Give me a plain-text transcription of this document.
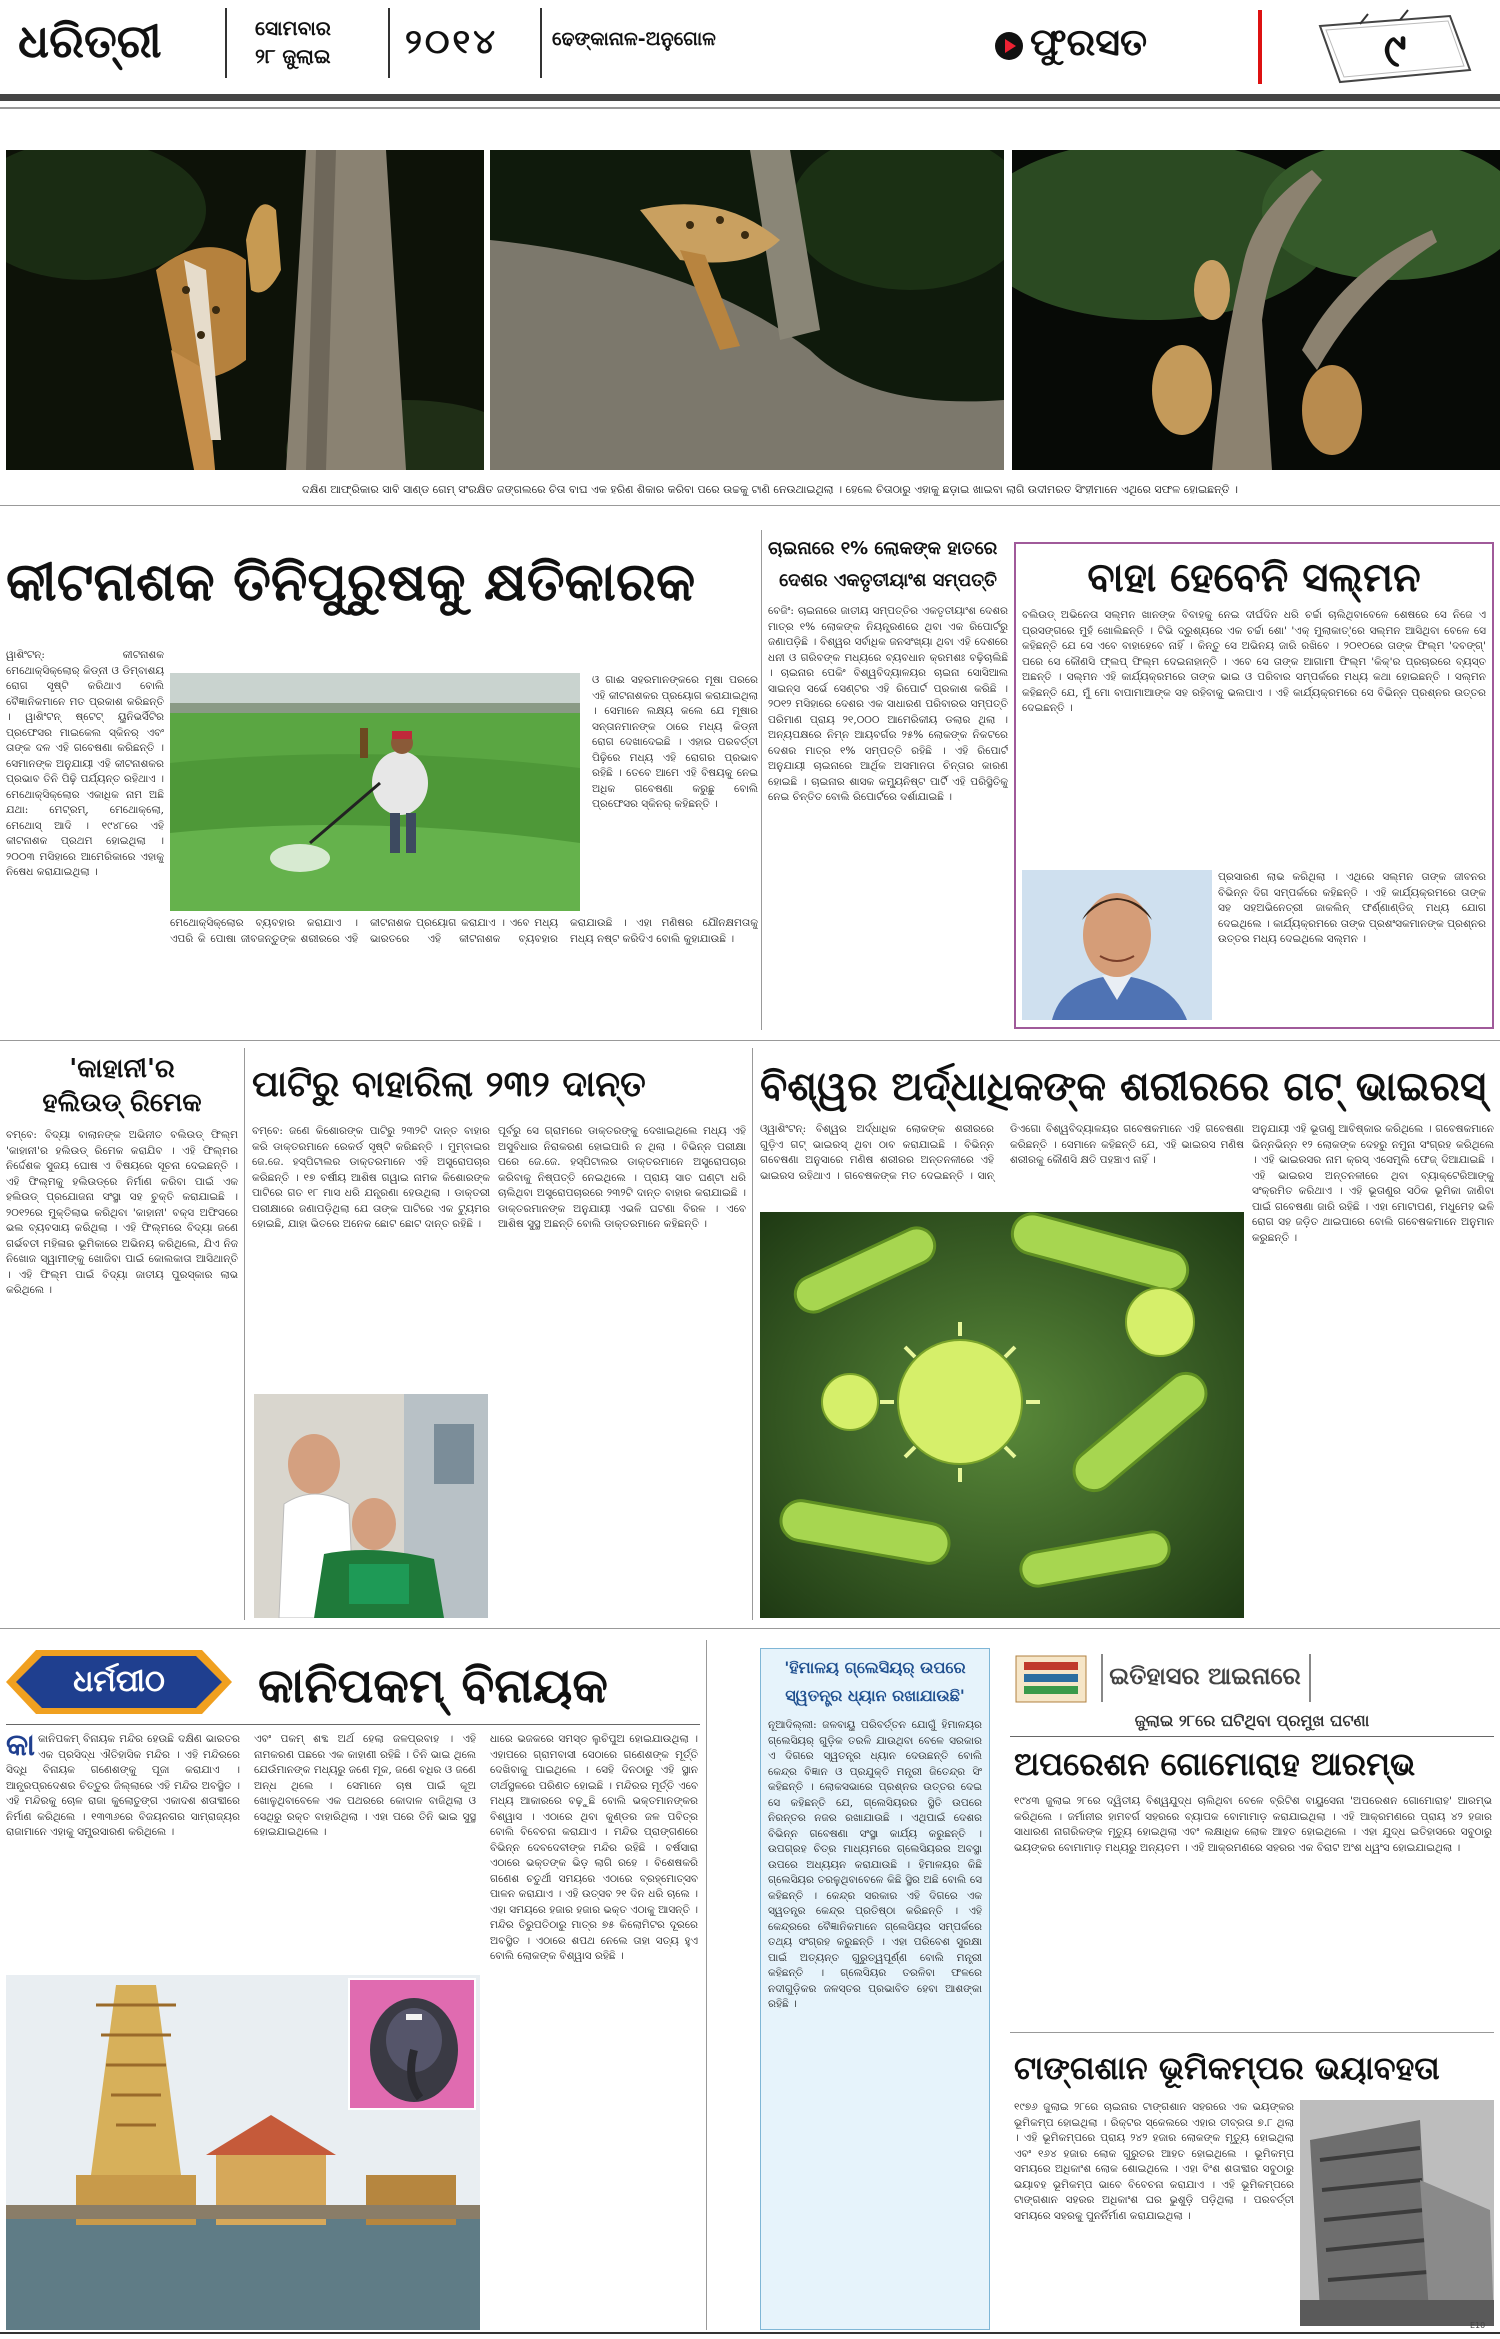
ଧରିତ୍ରୀ	ସୋମବାର
୨୮ ଜୁଲାଇ ୨୦୧୪	ଢେଙ୍କାନାଳ-ଅନୁଗୋଳ	ଫୁରସତ	୯
ଦକ୍ଷିଣ ଆଫ୍ରିକାର ସାବି ସାଣ୍ଡ ଗେମ୍ ସଂରକ୍ଷିତ ଜଙ୍ଗଲରେ ଚିତା ବାଘ ଏକ ହରିଣ ଶିକାର କରିବା ପରେ ଉଚ୍ଚକୁ ଟାଣି ନେଉଥାଇଥିଲା । ହେଲେ ଚିତାଠାରୁ ଏହାକୁ ଛଡ଼ାଇ ଖାଇବା ଲାଗି ଉଦୀମରତ ସିଂହୀମାନେ ଏଥିରେ ସଫଳ ହୋଇଛନ୍ତି ।
କୀଟନାଶକ ତିନିପୁରୁଷକୁ କ୍ଷତିକାରକ
ୱାଶିଂଟନ୍: କୀଟନାଶକ ମେଥୋକ୍ସିକ୍ଲୋର୍ କିଡ୍ନୀ ଓ ଡିମ୍ବାଶୟ ରୋଗ ସୃଷ୍ଟି କରିଥାଏ ବୋଲି ବୈଜ୍ଞାନିକମାନେ ମତ ପ୍ରକାଶ କରିଛନ୍ତି । ୱାଶିଂଟନ୍ ଷ୍ଟେଟ୍ ୟୁନିଭର୍ସିଟିର ପ୍ରଫେସର ମାଇକେଲ ସ୍କିନର୍ ଏବଂ ତାଙ୍କ ଦଳ ଏହି ଗବେଷଣା କରିଛନ୍ତି । ସେମାନଙ୍କ ଅନୁଯାୟୀ ଏହି କୀଟନାଶକର ପ୍ରଭାବ ତିନି ପିଢ଼ି ପର୍ଯ୍ୟନ୍ତ ରହିଥାଏ । ମେଥୋକ୍ସିକ୍ଲୋର ଏକାଧିକ ନାମ ଅଛି ଯଥା: ମେଟ୍ରମ୍, ମେଥୋକ୍ଲୋ, ମେଥୋସ୍ ଆଦି । ୧୯୪୮ରେ ଏହି କୀଟନାଶକ ପ୍ରଥମ ହୋଇଥିଲା । ୨୦୦୩ ମସିହାରେ ଆମେରିକାରେ ଏହାକୁ ନିଷେଧ କରାଯାଇଥିଲା ।
ଓ ଗାଈ ସହରମାନଙ୍କରେ ମୂଷା ପରରେ ଏହି କୀଟନାଶକର ପ୍ରୟୋଗ କରାଯାଇଥିଲା । ସେମାନେ ଲକ୍ଷ୍ୟ କଲେ ଯେ ମୂଷାର ସନ୍ତାନମାନଙ୍କ ଠାରେ ମଧ୍ୟ କିଡ୍ନୀ ରୋଗ ଦେଖାଦେଇଛି । ଏହାର ପରବର୍ତ୍ତୀ ପିଢ଼ିରେ ମଧ୍ୟ ଏହି ରୋଗର ପ୍ରଭାବ ରହିଛି । ତେବେ ଆମେ ଏହି ବିଷୟକୁ ନେଇ ଅଧିକ ଗବେଷଣା କରୁଛୁ ବୋଲି ପ୍ରଫେସର ସ୍କିନର୍ କହିଛନ୍ତି ।
ମେଥୋକ୍ସିକ୍ଲୋର ବ୍ୟବହାର କରାଯାଏ । ଏପରି କି ପୋଷା ଜୀବଜନ୍ତୁଙ୍କ ଶରୀରରେ ଏହି କୀଟନାଶକ ପ୍ରୟୋଗ କରାଯାଏ । ଏବେ ମଧ୍ୟ ଭାରତରେ ଏହି କୀଟନାଶକ ବ୍ୟବହାର କରାଯାଉଛି । ଏହା ମଣିଷର ଯୌନକ୍ଷମତାକୁ ମଧ୍ୟ ନଷ୍ଟ କରିଦିଏ ବୋଲି କୁହାଯାଉଛି ।
ଚାଇନାରେ ୧% ଲୋକଙ୍କ ହାତରେ
ଦେଶର ଏକତୃତୀୟାଂଶ ସମ୍ପତ୍ତି
ବେଜିଂ: ଚାଇନାରେ ଜାତୀୟ ସମ୍ପତ୍ତିର ଏକତୃତୀୟାଂଶ ଦେଶର ମାତ୍ର ୧% ଲୋକଙ୍କ ନିୟନ୍ତ୍ରଣରେ ଥିବା ଏକ ରିପୋର୍ଟରୁ ଜଣାପଡ଼ିଛି । ବିଶ୍ୱର ସର୍ବାଧିକ ଜନସଂଖ୍ୟା ଥିବା ଏହି ଦେଶରେ ଧନୀ ଓ ଗରିବଙ୍କ ମଧ୍ୟରେ ବ୍ୟବଧାନ କ୍ରମଶଃ ବଢ଼ିଚାଲିଛି । ଚାଇନାର ପେକିଂ ବିଶ୍ୱବିଦ୍ୟାଳୟର ଚାଇନା ସୋସିଆଲ ସାଇନ୍ସ ସର୍ଭେ ସେଣ୍ଟର ଏହି ରିପୋର୍ଟ ପ୍ରକାଶ କରିଛି । ୨୦୧୨ ମସିହାରେ ଦେଶର ଏକ ସାଧାରଣ ପରିବାରର ସମ୍ପତ୍ତି ପରିମାଣ ପ୍ରାୟ ୨୧,୦୦୦ ଆମେରିକୀୟ ଡଲାର ଥିଲା । ଅନ୍ୟପକ୍ଷରେ ନିମ୍ନ ଆୟବର୍ଗର ୨୫% ଲୋକଙ୍କ ନିକଟରେ ଦେଶର ମାତ୍ର ୧% ସମ୍ପତ୍ତି ରହିଛି । ଏହି ରିପୋର୍ଟ ଅନୁଯାୟୀ ଚାଇନାରେ ଆର୍ଥିକ ଅସମାନତା ଚିନ୍ତାର କାରଣ ହୋଇଛି । ଚାଇନାର ଶାସକ କମ୍ୟୁନିଷ୍ଟ ପାର୍ଟି ଏହି ପରିସ୍ଥିତିକୁ ନେଇ ଚିନ୍ତିତ ବୋଲି ରିପୋର୍ଟରେ ଦର୍ଶାଯାଇଛି ।
ବାହା ହେବେନି ସଲ୍‌ମନ
ବଲିଉଡ୍ ଅଭିନେତା ସଲ୍‌ମନ ଖାନଙ୍କ ବିବାହକୁ ନେଇ ଦୀର୍ଘଦିନ ଧରି ଚର୍ଚ୍ଚା ଚାଲିଥିବାବେଳେ ଶେଷରେ ସେ ନିଜେ ଏ ପ୍ରସଙ୍ଗରେ ମୁହଁ ଖୋଲିଛନ୍ତି । ଟିଭି ଦ୍ରୁଶ୍ୟରେ ଏକ ଚର୍ଚ୍ଚା ଶୋ' 'ଏକ୍ ମୁଲାକାତ୍'ରେ ସଲ୍‌ମନ ଆସିଥିବା ବେଳେ ସେ କହିଛନ୍ତି ଯେ ସେ ଏବେ ବାହାହେବେ ନାହିଁ । କିନ୍ତୁ ସେ ଅଭିନୟ ଜାରି ରଖିବେ । ୨୦୧୦ରେ ତାଙ୍କ ଫିଲ୍ମ 'ଦବଙ୍ଗ୍' ପରେ ସେ କୌଣସି ଫ୍ଲପ୍ ଫିଲ୍ମ ଦେଇନାହାନ୍ତି । ଏବେ ସେ ତାଙ୍କ ଆଗାମୀ ଫିଲ୍ମ 'କିକ୍'ର ପ୍ରଚାରରେ ବ୍ୟସ୍ତ ଅଛନ୍ତି । ସଲ୍‌ମନ ଏହି କାର୍ଯ୍ୟକ୍ରମରେ ତାଙ୍କ ଭାଇ ଓ ପରିବାର ସମ୍ପର୍କରେ ମଧ୍ୟ କଥା ହୋଇଛନ୍ତି । ସଲ୍‌ମନ କହିଛନ୍ତି ଯେ, ମୁଁ ମୋ ବାପାମାଆଙ୍କ ସହ ରହିବାକୁ ଭଲପାଏ । ଏହି କାର୍ଯ୍ୟକ୍ରମରେ ସେ ବିଭିନ୍ନ ପ୍ରଶ୍ନର ଉତ୍ତର ଦେଇଛନ୍ତି ।
ପ୍ରସାରଣ ଲାଭ କରିଥିଲା । ଏଥିରେ ସଲ୍‌ମନ ତାଙ୍କ ଜୀବନର ବିଭିନ୍ନ ଦିଗ ସମ୍ପର୍କରେ କହିଛନ୍ତି । ଏହି କାର୍ଯ୍ୟକ୍ରମରେ ତାଙ୍କ ସହ ସହଅଭିନେତ୍ରୀ ଜାକଲିନ୍ ଫର୍ଣ୍ଣାଣ୍ଡିଜ୍ ମଧ୍ୟ ଯୋଗ ଦେଇଥିଲେ । କାର୍ଯ୍ୟକ୍ରମରେ ତାଙ୍କ ପ୍ରଶଂସକମାନଙ୍କ ପ୍ରଶ୍ନର ଉତ୍ତର ମଧ୍ୟ ଦେଇଥିଲେ ସଲ୍‌ମନ ।
'କାହାନୀ'ର
ହଲିଉଡ୍ ରିମେକ
ବମ୍ବେ: ବିଦ୍ୟା ବାଲାନଙ୍କ ଅଭିନୀତ ବଲିଉଡ୍ ଫିଲ୍ମ 'କାହାନୀ'ର ହଲିଉଡ୍ ରିମେକ କରାଯିବ । ଏହି ଫିଲ୍ମର ନିର୍ଦ୍ଦେଶକ ସୁଜୟ ଘୋଷ ଏ ବିଷୟରେ ସୂଚନା ଦେଇଛନ୍ତି । ଏହି ଫିଲ୍ମକୁ ହଲିଉଡ୍‌ରେ ନିର୍ମାଣ କରିବା ପାଇଁ ଏକ ହଲିଉଡ୍ ପ୍ରଯୋଜନା ସଂସ୍ଥା ସହ ଚୁକ୍ତି କରାଯାଇଛି । ୨୦୧୨ରେ ମୁକ୍ତିଲାଭ କରିଥିବା 'କାହାନୀ' ବକ୍ସ ଅଫିସରେ ଭଲ ବ୍ୟବସାୟ କରିଥିଲା । ଏହି ଫିଲ୍ମରେ ବିଦ୍ୟା ଜଣେ ଗର୍ଭବତୀ ମହିଳାର ଭୂମିକାରେ ଅଭିନୟ କରିଥିଲେ, ଯିଏ ନିଜ ନିଖୋଜ ସ୍ୱାମୀଙ୍କୁ ଖୋଜିବା ପାଇଁ କୋଲକାତା ଆସିଥାନ୍ତି । ଏହି ଫିଲ୍ମ ପାଇଁ ବିଦ୍ୟା ଜାତୀୟ ପୁରସ୍କାର ଲାଭ କରିଥିଲେ ।
ପାଟିରୁ ବାହାରିଲା ୨୩୨ ଦାନ୍ତ
ବମ୍ବେ: ଜଣେ କିଶୋରଙ୍କ ପାଟିରୁ ୨୩୨ଟି ଦାନ୍ତ ବାହାର କରି ଡାକ୍ତରମାନେ ରେକର୍ଡ ସୃଷ୍ଟି କରିଛନ୍ତି । ମୁମ୍ବାଇର ଜେ.ଜେ. ହସ୍ପିଟାଲର ଡାକ୍ତରମାନେ ଏହି ଅସ୍ତ୍ରୋପଚାର କରିଛନ୍ତି । ୧୭ ବର୍ଷୀୟ ଆଶିଷ ଗୱାଇ ନାମକ କିଶୋରଙ୍କ ପାଟିରେ ଗତ ୧୮ ମାସ ଧରି ଯନ୍ତ୍ରଣା ହେଉଥିଲା । ଡାକ୍ତରୀ ପରୀକ୍ଷାରେ ଜଣାପଡ଼ିଥିଲା ଯେ ତାଙ୍କ ପାଟିରେ ଏକ ଟ୍ୟୁମର ହୋଇଛି, ଯାହା ଭିତରେ ଅନେକ ଛୋଟ ଛୋଟ ଦାନ୍ତ ରହିଛି ।
ପୂର୍ବରୁ ସେ ଗ୍ରାମରେ ଡାକ୍ତରଙ୍କୁ ଦେଖାଇଥିଲେ ମଧ୍ୟ ଏହି ଅସୁବିଧାର ନିରାକରଣ ହୋଇପାରି ନ ଥିଲା । ବିଭିନ୍ନ ପରୀକ୍ଷା ପରେ ଜେ.ଜେ. ହସ୍ପିଟାଲର ଡାକ୍ତରମାନେ ଅସ୍ତ୍ରୋପଚାର କରିବାକୁ ନିଷ୍ପତ୍ତି ନେଇଥିଲେ । ପ୍ରାୟ ସାତ ଘଣ୍ଟା ଧରି ଚାଲିଥିବା ଅସ୍ତ୍ରୋପଚାରରେ ୨୩୨ଟି ଦାନ୍ତ ବାହାର କରାଯାଇଛି । ଡାକ୍ତରମାନଙ୍କ ଅନୁଯାୟୀ ଏଭଳି ଘଟଣା ବିରଳ । ଏବେ ଆଶିଷ ସୁସ୍ଥ ଅଛନ୍ତି ବୋଲି ଡାକ୍ତରମାନେ କହିଛନ୍ତି ।
ବିଶ୍ୱର ଅର୍ଦ୍ଧାଧିକଙ୍କ ଶରୀରରେ ଗଟ୍ ଭାଇରସ୍
ଓ୍ୱାଶିଂଟନ୍: ବିଶ୍ୱର ଅର୍ଦ୍ଧାଧିକ ଲୋକଙ୍କ ଶରୀରରେ ଗୁଡ଼ିଏ ଗଟ୍ ଭାଇରସ୍ ଥିବା ଠାବ କରାଯାଇଛି । ବିଭିନ୍ନ ଗବେଷଣା ଅନୁସାରେ ମଣିଷ ଶରୀରର ଅନ୍ତନଳୀରେ ଏହି ଭାଇରସ ରହିଥାଏ । ଗବେଷକଙ୍କ ମତ ଦେଇଛନ୍ତି । ସାନ୍ ଡିଏଗୋ ବିଶ୍ୱବିଦ୍ୟାଳୟର ଗବେଷକମାନେ ଏହି ଗବେଷଣା କରିଛନ୍ତି । ସେମାନେ କହିଛନ୍ତି ଯେ, ଏହି ଭାଇରସ ମଣିଷ ଶରୀରକୁ କୌଣସି କ୍ଷତି ପହଞ୍ଚାଏ ନାହିଁ ।
ଅନୁଯାୟୀ ଏହି ଭୂତାଣୁ ଆବିଷ୍କାର କରିଥିଲେ । ଗବେଷକମାନେ ଭିନ୍ନଭିନ୍ନ ୧୨ ଲୋକଙ୍କ ଦେହରୁ ନମୁନା ସଂଗ୍ରହ କରିଥିଲେ । ଏହି ଭାଇରସର ନାମ କ୍ରସ୍ ଏସେମ୍ବ୍ଲି ଫେଜ୍ ଦିଆଯାଇଛି । ଏହି ଭାଇରସ ଅନ୍ତନଳୀରେ ଥିବା ବ୍ୟାକ୍ଟେରିଆଙ୍କୁ ସଂକ୍ରମିତ କରିଥାଏ । ଏହି ଭୂତାଣୁର ସଠିକ ଭୂମିକା ଜାଣିବା ପାଇଁ ଗବେଷଣା ଜାରି ରହିଛି । ଏହା ମୋଟାପଣ, ମଧୁମେହ ଭଳି ରୋଗ ସହ ଜଡ଼ିତ ଥାଇପାରେ ବୋଲି ଗବେଷକମାନେ ଅନୁମାନ କରୁଛନ୍ତି ।
ଧର୍ମପୀଠ	କାନିପକମ୍ ବିନାୟକ
କାକାନିପକମ୍ ବିନାୟକ ମନ୍ଦିର ହେଉଛି ଦକ୍ଷିଣ ଭାରତର ଏକ ପ୍ରସିଦ୍ଧ ଐତିହାସିକ ମନ୍ଦିର । ଏହି ମନ୍ଦିରରେ ସିଦ୍ଧି ବିନାୟକ ଗଣେଶଙ୍କୁ ପୂଜା କରାଯାଏ । ଆନ୍ଧ୍ରପ୍ରଦେଶର ଚିତ୍ତୁର ଜିଲ୍ଲାରେ ଏହି ମନ୍ଦିର ଅବସ୍ଥିତ । ଏହି ମନ୍ଦିରକୁ ଚୋଳ ରାଜା କୁଲୋତୁଙ୍ଗ ଏକାଦଶ ଶତାବ୍ଦୀରେ ନିର୍ମାଣ କରିଥିଲେ । ୧୩୩୬ରେ ବିଜୟନଗର ସାମ୍ରାଜ୍ୟର ରାଜାମାନେ ଏହାକୁ ସମ୍ପ୍ରସାରଣ କରିଥିଲେ ।
ଏବଂ ପକମ୍ ଶବ୍ଦ ଅର୍ଥ ହେଲା ଜଳପ୍ରବାହ । ଏହି ନାମକରଣ ପଛରେ ଏକ କାହାଣୀ ରହିଛି । ତିନି ଭାଇ ଥିଲେ ଯେଉଁମାନଙ୍କ ମଧ୍ୟରୁ ଜଣେ ମୂକ, ଜଣେ ବଧିର ଓ ଜଣେ ଅନ୍ଧ ଥିଲେ । ସେମାନେ ଚାଷ ପାଇଁ କୂଅ ଖୋଳୁଥିବାବେଳେ ଏକ ପଥରରେ କୋଦାଳ ବାଜିଥିଲା ଓ ସେଥିରୁ ରକ୍ତ ବାହାରିଥିଲା । ଏହା ପରେ ତିନି ଭାଇ ସୁସ୍ଥ ହୋଇଯାଇଥିଲେ ।
ଧାରେ ଭଜକରେ ସମସ୍ତ ଲୁଚିପୁଅ ହୋଇଯାଉଥିଲା । ଏହାପରେ ଗ୍ରାମବାସୀ ସେଠାରେ ଗଣେଶଙ୍କ ମୂର୍ତ୍ତି ଦେଖିବାକୁ ପାଇଥିଲେ । ସେହି ଦିନଠାରୁ ଏହି ସ୍ଥାନ ତୀର୍ଥସ୍ଥଳରେ ପରିଣତ ହୋଇଛି । ମନ୍ଦିରର ମୂର୍ତ୍ତି ଏବେ ମଧ୍ୟ ଆକାରରେ ବଢ଼ୁଛି ବୋଲି ଭକ୍ତମାନଙ୍କର ବିଶ୍ୱାସ । ଏଠାରେ ଥିବା କୁଣ୍ଡର ଜଳ ପବିତ୍ର ବୋଲି ବିବେଚନା କରାଯାଏ । ମନ୍ଦିର ପ୍ରାଙ୍ଗଣରେ ବିଭିନ୍ନ ଦେବଦେବୀଙ୍କ ମନ୍ଦିର ରହିଛି । ବର୍ଷସାରା ଏଠାରେ ଭକ୍ତଙ୍କ ଭିଡ଼ ଲାଗି ରହେ । ବିଶେଷକରି ଗଣେଶ ଚତୁର୍ଥୀ ସମୟରେ ଏଠାରେ ବ୍ରହ୍ମୋତ୍ସବ ପାଳନ କରାଯାଏ । ଏହି ଉତ୍ସବ ୨୧ ଦିନ ଧରି ଚାଲେ । ଏହା ସମୟରେ ହଜାର ହଜାର ଭକ୍ତ ଏଠାକୁ ଆସନ୍ତି । ମନ୍ଦିର ତିରୁପତିଠାରୁ ମାତ୍ର ୭୫ କିଲୋମିଟର ଦୂରରେ ଅବସ୍ଥିତ । ଏଠାରେ ଶପଥ ନେଲେ ତାହା ସତ୍ୟ ହୁଏ ବୋଲି ଲୋକଙ୍କ ବିଶ୍ୱାସ ରହିଛି ।
'ହିମାଳୟ ଗ୍ଲେସିୟର୍ ଉପରେ
ସ୍ୱତନ୍ତ୍ର ଧ୍ୟାନ ରଖାଯାଉଛି'
ନୂଆଦିଲ୍ଲୀ: ଜଳବାୟୁ ପରିବର୍ତ୍ତନ ଯୋଗୁଁ ହିମାଳୟର ଗ୍ଲେସିୟର୍ ଗୁଡ଼ିକ ତରଳି ଯାଉଥିବା ବେଳେ ସରକାର ଏ ଦିଗରେ ସ୍ୱତନ୍ତ୍ର ଧ୍ୟାନ ଦେଉଛନ୍ତି ବୋଲି କେନ୍ଦ୍ର ବିଜ୍ଞାନ ଓ ପ୍ରଯୁକ୍ତି ମନ୍ତ୍ରୀ ଜିତେନ୍ଦ୍ର ସିଂ କହିଛନ୍ତି । ଲୋକସଭାରେ ପ୍ରଶ୍ନର ଉତ୍ତର ଦେଇ ସେ କହିଛନ୍ତି ଯେ, ଗ୍ଲେସିୟରର ସ୍ଥିତି ଉପରେ ନିରନ୍ତର ନଜର ରଖାଯାଉଛି । ଏଥିପାଇଁ ଦେଶର ବିଭିନ୍ନ ଗବେଷଣା ସଂସ୍ଥା କାର୍ଯ୍ୟ କରୁଛନ୍ତି । ଉପଗ୍ରହ ଚିତ୍ର ମାଧ୍ୟମରେ ଗ୍ଲେସିୟରର ଅବସ୍ଥା ଉପରେ ଅଧ୍ୟୟନ କରାଯାଉଛି । ହିମାଳୟର କିଛି ଗ୍ଲେସିୟର ତରଳୁଥିବାବେଳେ କିଛି ସ୍ଥିର ଅଛି ବୋଲି ସେ କହିଛନ୍ତି । କେନ୍ଦ୍ର ସରକାର ଏହି ଦିଗରେ ଏକ ସ୍ୱତନ୍ତ୍ର କେନ୍ଦ୍ର ପ୍ରତିଷ୍ଠା କରିଛନ୍ତି । ଏହି କେନ୍ଦ୍ରରେ ବୈଜ୍ଞାନିକମାନେ ଗ୍ଲେସିୟର ସମ୍ପର୍କରେ ତଥ୍ୟ ସଂଗ୍ରହ କରୁଛନ୍ତି । ଏହା ପରିବେଶ ସୁରକ୍ଷା ପାଇଁ ଅତ୍ୟନ୍ତ ଗୁରୁତ୍ୱପୂର୍ଣ୍ଣ ବୋଲି ମନ୍ତ୍ରୀ କହିଛନ୍ତି । ଗ୍ଲେସିୟର ତରଳିବା ଫଳରେ ନଦୀଗୁଡ଼ିକର ଜଳସ୍ତର ପ୍ରଭାବିତ ହେବା ଆଶଙ୍କା ରହିଛି ।
ଇତିହାସର ଆଇନାରେ
ଜୁଲାଇ ୨୮ରେ ଘଟିଥିବା ପ୍ରମୁଖ ଘଟଣା
ଅପରେଶନ ଗୋମୋରାହ ଆରମ୍ଭ
୧୯୪୩ ଜୁଲାଇ ୨୮ରେ ଦ୍ୱିତୀୟ ବିଶ୍ୱଯୁଦ୍ଧ ଚାଲିଥିବା ବେଳେ ବ୍ରିଟିଶ ବାୟୁସେନା 'ଅପରେଶନ ଗୋମୋରାହ' ଆରମ୍ଭ କରିଥିଲେ । ଜର୍ମାନୀର ହାମବର୍ଗ ସହରରେ ବ୍ୟାପକ ବୋମାମାଡ଼ କରାଯାଇଥିଲା । ଏହି ଆକ୍ରମଣରେ ପ୍ରାୟ ୪୨ ହଜାର ସାଧାରଣ ନାଗରିକଙ୍କ ମୃତ୍ୟୁ ହୋଇଥିଲା ଏବଂ ଲକ୍ଷାଧିକ ଲୋକ ଆହତ ହୋଇଥିଲେ । ଏହା ଯୁଦ୍ଧ ଇତିହାସରେ ସବୁଠାରୁ ଭୟଙ୍କର ବୋମାମାଡ଼ ମଧ୍ୟରୁ ଅନ୍ୟତମ । ଏହି ଆକ୍ରମଣରେ ସହରର ଏକ ବିରାଟ ଅଂଶ ଧ୍ୱଂସ ହୋଇଯାଇଥିଲା ।
ଟାଙ୍ଗଶାନ ଭୂମିକମ୍ପର ଭୟାବହତା
୧୯୭୬ ଜୁଲାଇ ୨୮ରେ ଚାଇନାର ଟାଙ୍ଗଶାନ ସହରରେ ଏକ ଭୟଙ୍କର ଭୂମିକମ୍ପ ହୋଇଥିଲା । ରିକ୍ଟର ସ୍କେଲରେ ଏହାର ତୀବ୍ରତା ୭.୮ ଥିଲା । ଏହି ଭୂମିକମ୍ପରେ ପ୍ରାୟ ୨୪୨ ହଜାର ଲୋକଙ୍କ ମୃତ୍ୟୁ ହୋଇଥିଲା ଏବଂ ୧୬୪ ହଜାର ଲୋକ ଗୁରୁତର ଆହତ ହୋଇଥିଲେ । ଭୂମିକମ୍ପ ସମୟରେ ଅଧିକାଂଶ ଲୋକ ଶୋଇଥିଲେ । ଏହା ବିଂଶ ଶତାବ୍ଦୀର ସବୁଠାରୁ ଭୟାବହ ଭୂମିକମ୍ପ ଭାବେ ବିବେଚନା କରାଯାଏ । ଏହି ଭୂମିକମ୍ପରେ ଟାଙ୍ଗଶାନ ସହରର ଅଧିକାଂଶ ଘର ଭୁଶୁଡ଼ି ପଡ଼ିଥିଲା । ପରବର୍ତ୍ତୀ ସମୟରେ ସହରକୁ ପୁନର୍ନିର୍ମାଣ କରାଯାଇଥିଲା ।
E10
